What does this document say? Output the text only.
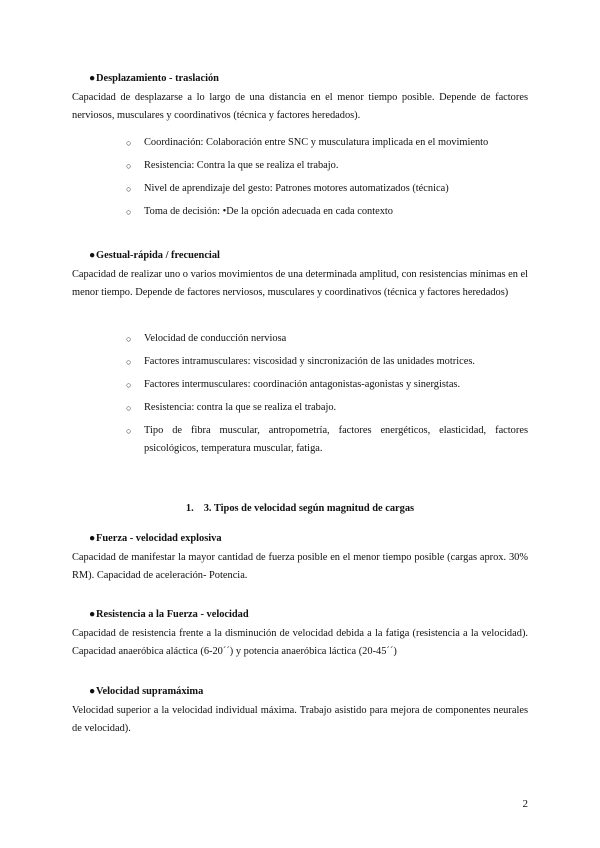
●Desplazamiento - traslación
Capacidad de desplazarse a lo largo de una distancia en el menor tiempo posible. Depende de factores nerviosos, musculares y coordinativos (técnica y factores heredados).
○ Coordinación: Colaboración entre SNC y musculatura implicada en el movimiento
○ Resistencia: Contra la que se realiza el trabajo.
○ Nivel de aprendizaje del gesto: Patrones motores automatizados (técnica)
○ Toma de decisión: •De la opción adecuada en cada contexto
●Gestual-rápida / frecuencial
Capacidad de realizar uno o varios movimientos de una determinada amplitud, con resistencias mínimas en el menor tiempo. Depende de factores nerviosos, musculares y coordinativos (técnica y factores heredados)
○ Velocidad de conducción nerviosa
○ Factores intramusculares: viscosidad y sincronización de las unidades motrices.
○ Factores intermusculares: coordinación antagonistas-agonistas y sinergistas.
○ Resistencia: contra la que se realiza el trabajo.
○ Tipo de fibra muscular, antropometría, factores energéticos, elasticidad, factores psicológicos, temperatura muscular, fatiga.
1. 3. Tipos de velocidad según magnitud de cargas
●Fuerza - velocidad explosiva
Capacidad de manifestar la mayor cantidad de fuerza posible en el menor tiempo posible (cargas aprox. 30% RM). Capacidad de aceleración- Potencia.
●Resistencia a la Fuerza - velocidad
Capacidad de resistencia frente a la disminución de velocidad debida a la fatiga (resistencia a la velocidad). Capacidad anaeróbica aláctica (6-20´´) y potencia anaeróbica láctica (20-45´´)
●Velocidad supramáxima
Velocidad superior a la velocidad individual máxima. Trabajo asistido para mejora de componentes neurales de velocidad).
2
